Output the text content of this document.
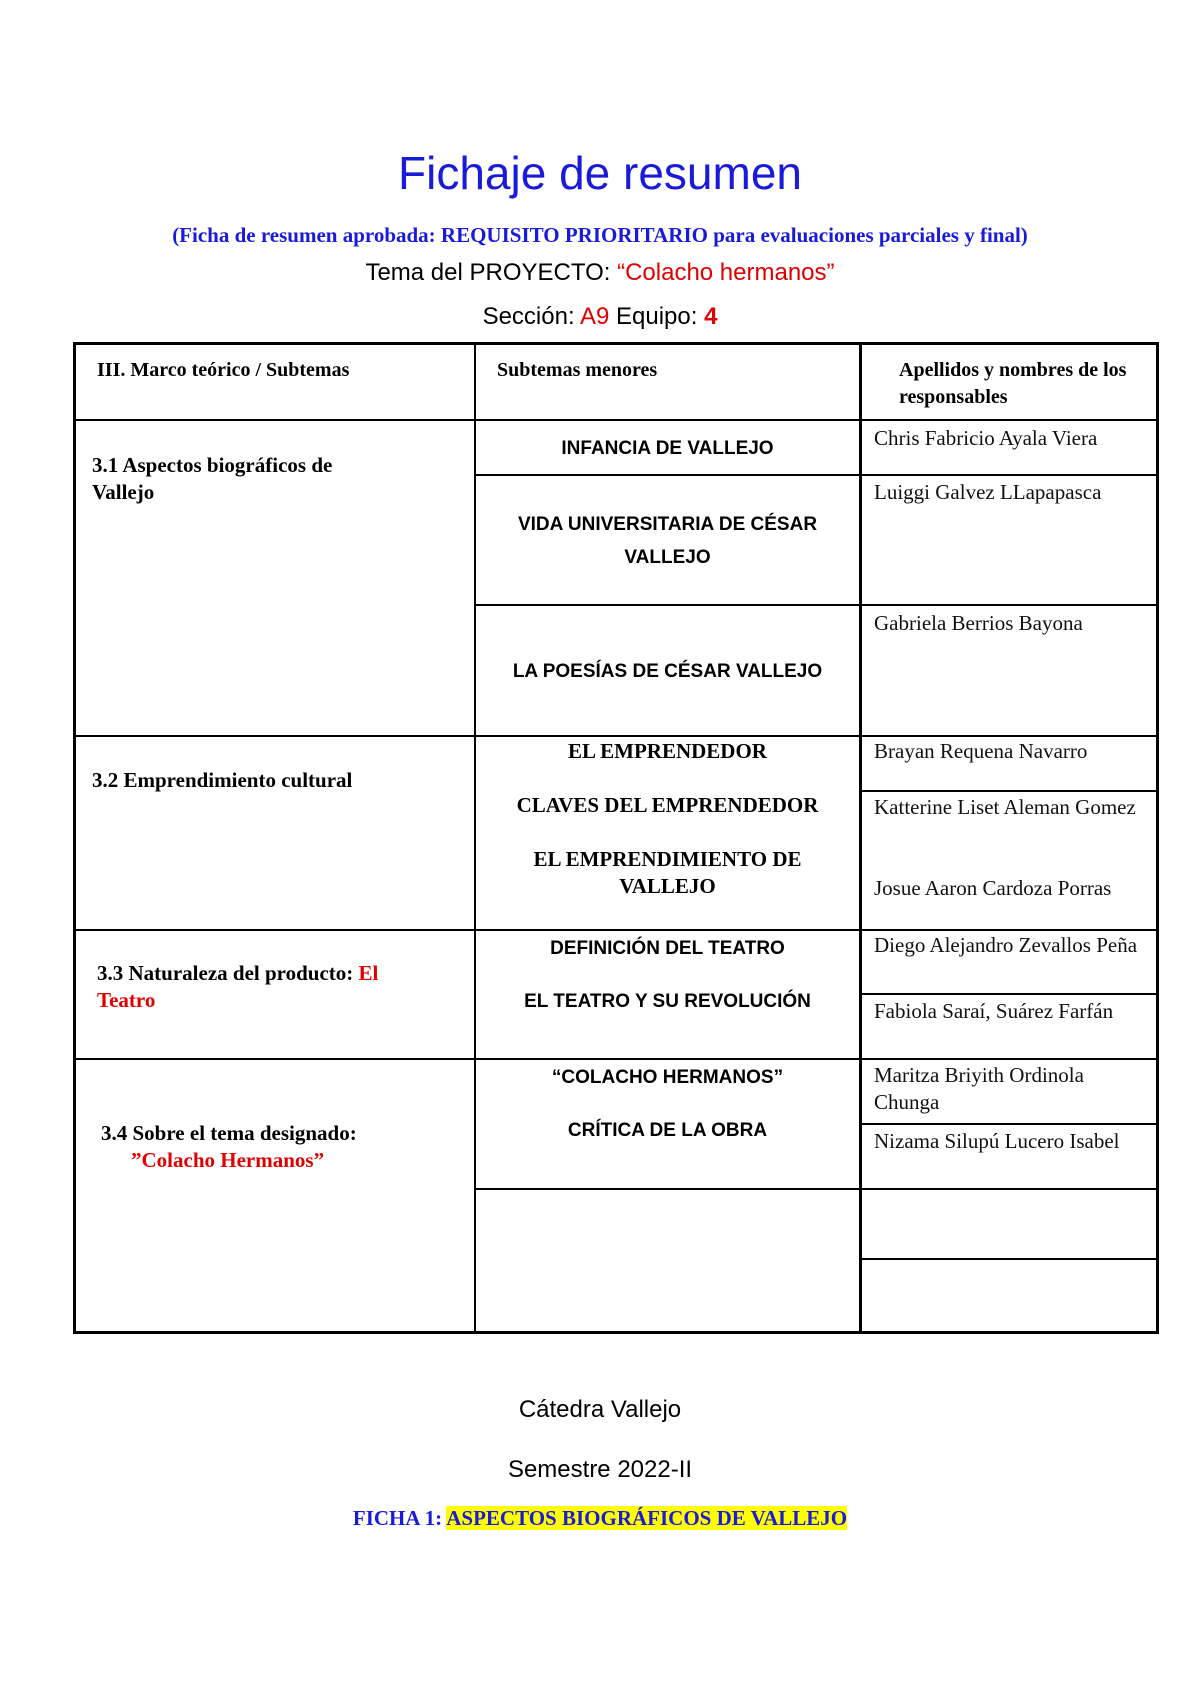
Fichaje de resumen
(Ficha de resumen aprobada: REQUISITO PRIORITARIO para evaluaciones parciales y final)
Tema del PROYECTO: “Colacho hermanos”
Sección: A9 Equipo: 4
III. Marco teórico / Subtemas	Subtemas menores	Apellidos y nombres de los responsables
3.1 Aspectos biográficos de Vallejo
INFANCIA DE VALLEJO
VIDA UNIVERSITARIA DE CÉSAR VALLEJO
LA POESÍAS DE CÉSAR VALLEJO
Chris Fabricio Ayala Viera
Luiggi Galvez LLapapasca
Gabriela Berrios Bayona
3.2 Emprendimiento cultural
EL EMPRENDEDOR
CLAVES DEL EMPRENDEDOR
EL EMPRENDIMIENTO DE VALLEJO
Brayan Requena Navarro
Katterine Liset Aleman Gomez
Josue Aaron Cardoza Porras
3.3 Naturaleza del producto: El Teatro
DEFINICIÓN DEL TEATRO
EL TEATRO Y SU REVOLUCIÓN
Diego Alejandro Zevallos Peña
Fabiola Saraí, Suárez Farfán
3.4 Sobre el tema designado:
”Colacho Hermanos”
“COLACHO HERMANOS”
CRÍTICA DE LA OBRA
Maritza Briyith Ordinola Chunga
Nizama Silupú Lucero Isabel
Cátedra Vallejo
Semestre 2022-II
FICHA 1: ASPECTOS BIOGRÁFICOS DE VALLEJO
